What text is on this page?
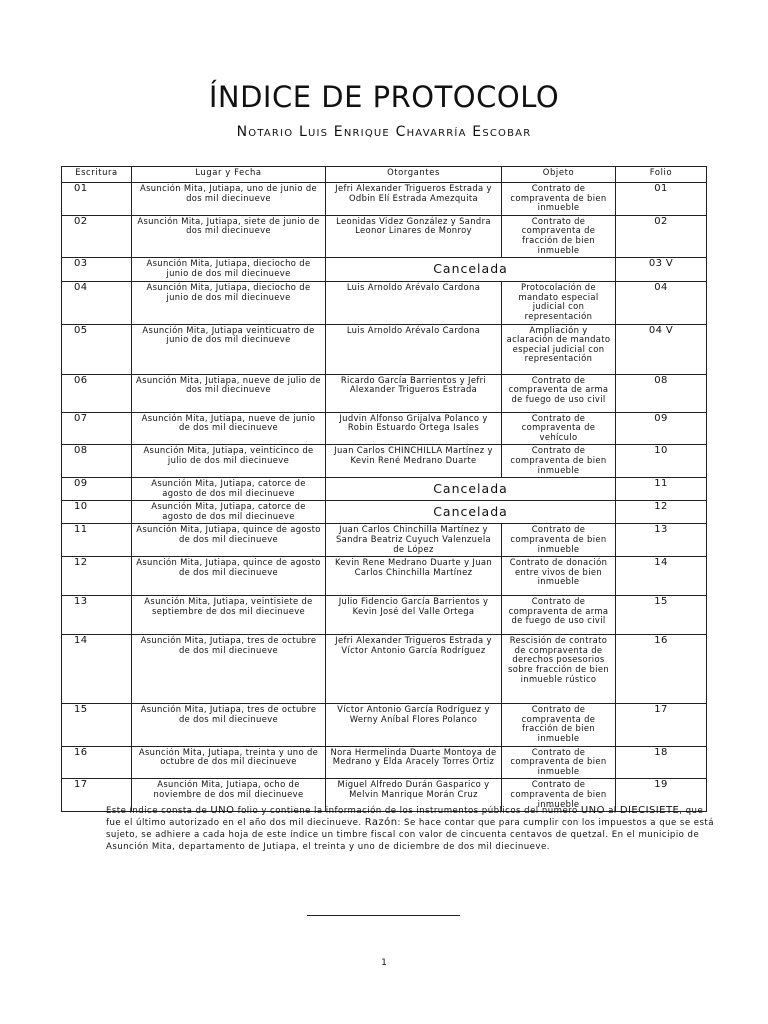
ÍNDICE DE PROTOCOLO
Notario Luis Enrique Chavarría Escobar
Escritura	Lugar y Fecha	Otorgantes	Objeto	Folio
01	Asunción Mita, Jutiapa, uno de junio de dos mil diecinueve	Jefri Alexander Trigueros Estrada y Odbin Elí Estrada Amezquita	Contrato de compraventa de bien inmueble	01
02	Asunción Mita, Jutiapa, siete de junio de dos mil diecinueve	Leonidas Videz González y Sandra Leonor Linares de Monroy	Contrato de compraventa de fracción de bien inmueble	02
03	Asunción Mita, Jutiapa, dieciocho de junio de dos mil diecinueve	Cancelada		03 V
04	Asunción Mita, Jutiapa, dieciocho de junio de dos mil diecinueve	Luis Arnoldo Arévalo Cardona	Protocolación de mandato especial judicial con representación	04
05	Asunción Mita, Jutiapa veinticuatro de junio de dos mil diecinueve	Luis Arnoldo Arévalo Cardona	Ampliación y aclaración de mandato especial judicial con representación	04 V
06	Asunción Mita, Jutiapa, nueve de julio de dos mil diecinueve	Ricardo García Barrientos y Jefri Alexander Trigueros Estrada	Contrato de compraventa de arma de fuego de uso civil	08
07	Asunción Mita, Jutiapa, nueve de junio de dos mil diecinueve	Judvin Alfonso Grijalva Polanco y Robin Estuardo Ortega Isales	Contrato de compraventa de vehículo	09
08	Asunción Mita, Jutiapa, veinticinco de julio de dos mil diecinueve	Juan Carlos CHINCHILLA Martínez y Kevin René Medrano Duarte	Contrato de compraventa de bien inmueble	10
09	Asunción Mita, Jutiapa, catorce de agosto de dos mil diecinueve	Cancelada		11
10	Asunción Mita, Jutiapa, catorce de agosto de dos mil diecinueve	Cancelada		12
11	Asunción Mita, Jutiapa, quince de agosto de dos mil diecinueve	Juan Carlos Chinchilla Martínez y Sandra Beatriz Cuyuch Valenzuela de López	Contrato de compraventa de bien inmueble	13
12	Asunción Mita, Jutiapa, quince de agosto de dos mil diecinueve	Kevin Rene Medrano Duarte y Juan Carlos Chinchilla Martínez	Contrato de donación entre vivos de bien inmueble	14
13	Asunción Mita, Jutiapa, veintisiete de septiembre de dos mil diecinueve	Julio Fidencio García Barrientos y Kevin José del Valle Ortega	Contrato de compraventa de arma de fuego de uso civil	15
14	Asunción Mita, Jutiapa, tres de octubre de dos mil diecinueve	Jefri Alexander Trigueros Estrada y Víctor Antonio García Rodríguez	Rescisión de contrato de compraventa de derechos posesorios sobre fracción de bien inmueble rústico	16
15	Asunción Mita, Jutiapa, tres de octubre de dos mil diecinueve	Víctor Antonio García Rodríguez y Werny Aníbal Flores Polanco	Contrato de compraventa de fracción de bien inmueble	17
16	Asunción Mita, Jutiapa, treinta y uno de octubre de dos mil diecinueve	Nora Hermelinda Duarte Montoya de Medrano y Elda Aracely Torres Ortiz	Contrato de compraventa de bien inmueble	18
17	Asunción Mita, Jutiapa, ocho de noviembre de dos mil diecinueve	Miguel Alfredo Durán Gasparico y Melvin Manrique Morán Cruz	Contrato de compraventa de bien inmueble	19
Este índice consta de UNO folio y contiene la información de los instrumentos públicos del número UNO al DIECISIETE, que fue el último autorizado en el año dos mil diecinueve. Razón: Se hace contar que para cumplir con los impuestos a que se está sujeto, se adhiere a cada hoja de este índice un timbre fiscal con valor de cincuenta centavos de quetzal. En el municipio de Asunción Mita, departamento de Jutiapa, el treinta y uno de diciembre de dos mil diecinueve.
1
